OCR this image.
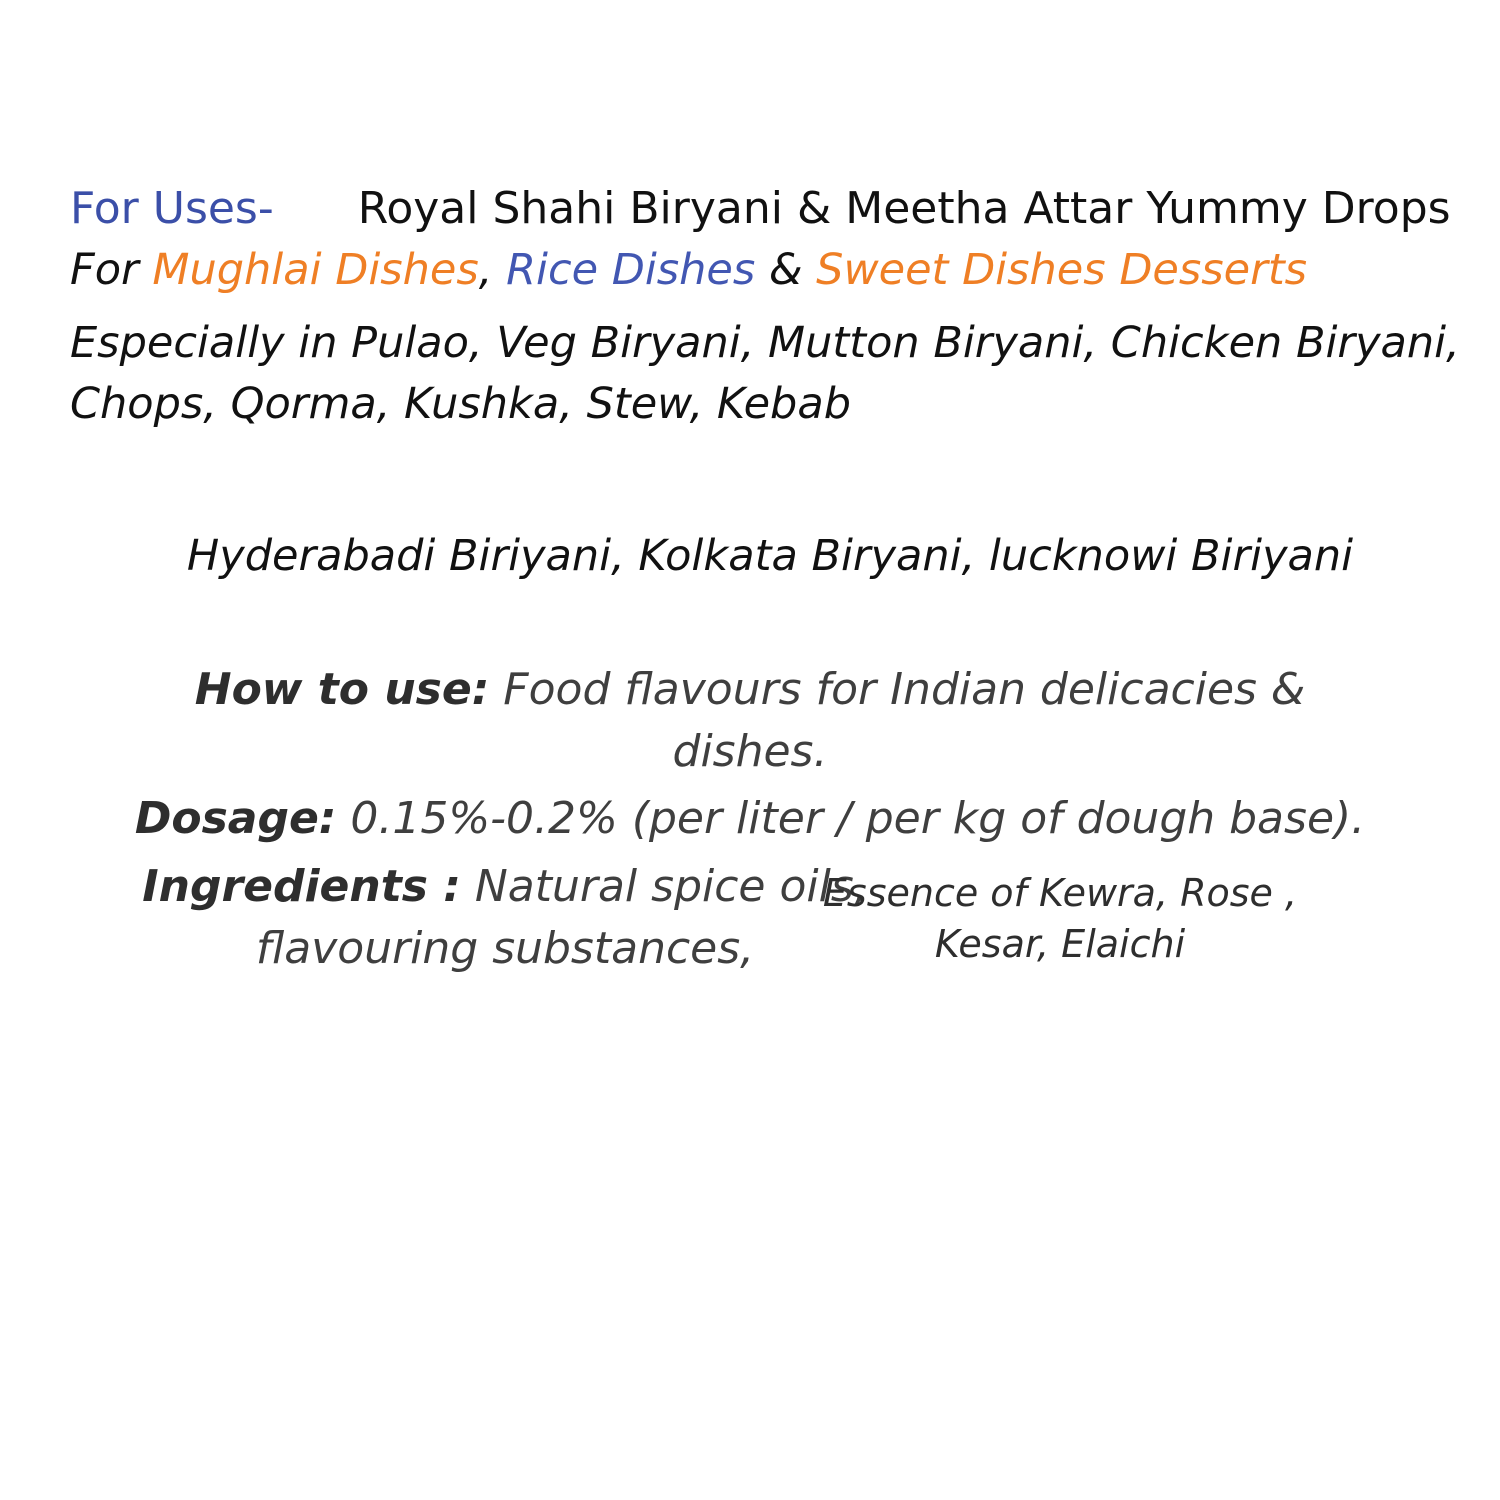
For Uses- Royal Shahi Biryani & Meetha Attar Yummy Drops
For Mughlai Dishes, Rice Dishes & Sweet Dishes Desserts
Especially in Pulao, Veg Biryani, Mutton Biryani, Chicken Biryani,
Chops, Qorma, Kushka, Stew, Kebab
Hyderabadi Biriyani, Kolkata Biryani, lucknowi Biriyani

How to use: Food flavours for Indian delicacies & dishes.

Dosage: 0.15%-0.2% (per liter / per kg of dough base).

Ingredients : Natural spice oils, flavouring substances,
Essence of Kewra, Rose , Kesar, Elaichi
